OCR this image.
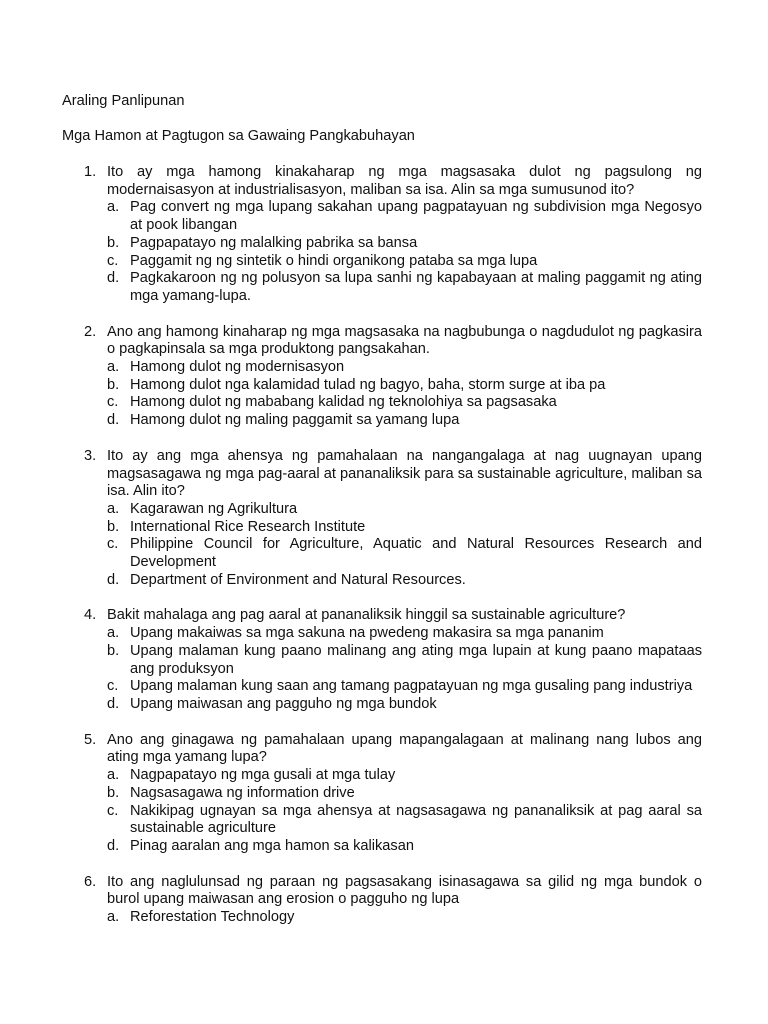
Araling Panlipunan

Mga Hamon at Pagtugon sa Gawaing Pangkabuhayan

1. Ito ay mga hamong kinakaharap ng mga magsasaka dulot ng pagsulong ng modernaisasyon at industrialisasyon, maliban sa isa. Alin sa mga sumusunod ito?
a. Pag convert ng mga lupang sakahan upang pagpatayuan ng subdivision mga Negosyo at pook libangan
b. Pagpapatayo ng malalking pabrika sa bansa
c. Paggamit ng ng sintetik o hindi organikong pataba sa mga lupa
d. Pagkakaroon ng ng polusyon sa lupa sanhi ng kapabayaan at maling paggamit ng ating mga yamang-lupa.
2. Ano ang hamong kinaharap ng mga magsasaka na nagbubunga o nagdudulot ng pagkasira o pagkapinsala sa mga produktong pangsakahan.
a. Hamong dulot ng modernisasyon
b. Hamong dulot nga kalamidad tulad ng bagyo, baha, storm surge at iba pa
c. Hamong dulot ng mababang kalidad ng teknolohiya sa pagsasaka
d. Hamong dulot ng maling paggamit sa yamang lupa
3. Ito ay ang mga ahensya ng pamahalaan na nangangalaga at nag uugnayan upang magsasagawa ng mga pag-aaral at pananaliksik para sa sustainable agriculture, maliban sa isa. Alin ito?
a. Kagarawan ng Agrikultura
b. International Rice Research Institute
c. Philippine Council for Agriculture, Aquatic and Natural Resources Research and Development
d. Department of Environment and Natural Resources.
4. Bakit mahalaga ang pag aaral at pananaliksik hinggil sa sustainable agriculture?
a. Upang makaiwas sa mga sakuna na pwedeng makasira sa mga pananim
b. Upang malaman kung paano malinang ang ating mga lupain at kung paano mapataas ang produksyon
c. Upang malaman kung saan ang tamang pagpatayuan ng mga gusaling pang industriya
d. Upang maiwasan ang pagguho ng mga bundok
5. Ano ang ginagawa ng pamahalaan upang mapangalagaan at malinang nang lubos ang ating mga yamang lupa?
a. Nagpapatayo ng mga gusali at mga tulay
b. Nagsasagawa ng information drive
c. Nakikipag ugnayan sa mga ahensya at nagsasagawa ng pananaliksik at pag aaral sa sustainable agriculture
d. Pinag aaralan ang mga hamon sa kalikasan
6. Ito ang naglulunsad ng paraan ng pagsasakang isinasagawa sa gilid ng mga bundok o burol upang maiwasan ang erosion o pagguho ng lupa
a. Reforestation Technology
